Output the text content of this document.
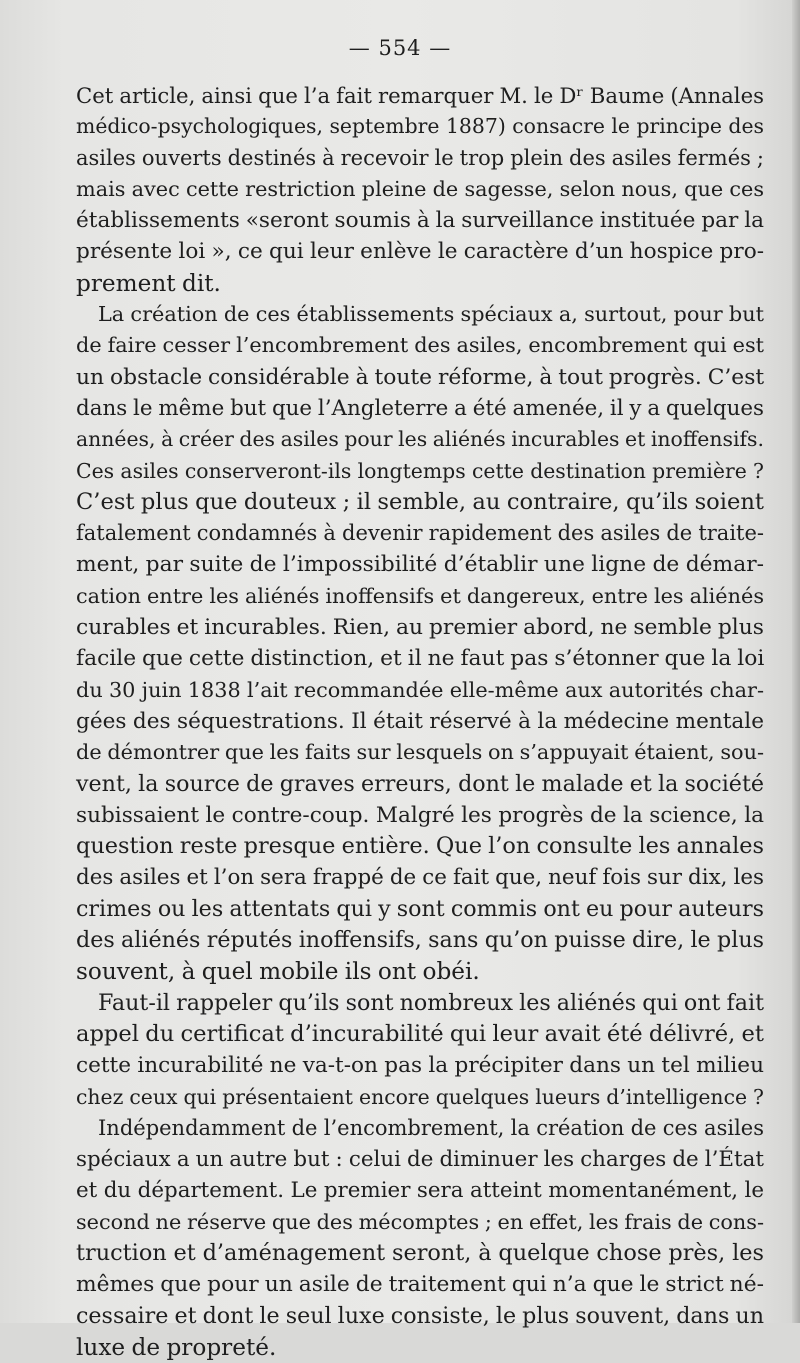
— 554 —
Cet article, ainsi que l’a fait remarquer M. le Dʳ Baume (Annales
médico-psychologiques, septembre 1887) consacre le principe des
asiles ouverts destinés à recevoir le trop plein des asiles fermés ;
mais avec cette restriction pleine de sagesse, selon nous, que ces
établissements «seront soumis à la surveillance instituée par la
présente loi », ce qui leur enlève le caractère d’un hospice pro-
prement dit.
La création de ces établissements spéciaux a, surtout, pour but
de faire cesser l’encombrement des asiles, encombrement qui est
un obstacle considérable à toute réforme, à tout progrès. C’est
dans le même but que l’Angleterre a été amenée, il y a quelques
années, à créer des asiles pour les aliénés incurables et inoffensifs.
Ces asiles conserveront-ils longtemps cette destination première ?
C’est plus que douteux ; il semble, au contraire, qu’ils soient
fatalement condamnés à devenir rapidement des asiles de traite-
ment, par suite de l’impossibilité d’établir une ligne de démar-
cation entre les aliénés inoffensifs et dangereux, entre les aliénés
curables et incurables. Rien, au premier abord, ne semble plus
facile que cette distinction, et il ne faut pas s’étonner que la loi
du 30 juin 1838 l’ait recommandée elle-même aux autorités char-
gées des séquestrations. Il était réservé à la médecine mentale
de démontrer que les faits sur lesquels on s’appuyait étaient, sou-
vent, la source de graves erreurs, dont le malade et la société
subissaient le contre-coup. Malgré les progrès de la science, la
question reste presque entière. Que l’on consulte les annales
des asiles et l’on sera frappé de ce fait que, neuf fois sur dix, les
crimes ou les attentats qui y sont commis ont eu pour auteurs
des aliénés réputés inoffensifs, sans qu’on puisse dire, le plus
souvent, à quel mobile ils ont obéi.
Faut-il rappeler qu’ils sont nombreux les aliénés qui ont fait
appel du certificat d’incurabilité qui leur avait été délivré, et
cette incurabilité ne va-t-on pas la précipiter dans un tel milieu
chez ceux qui présentaient encore quelques lueurs d’intelligence ?
Indépendamment de l’encombrement, la création de ces asiles
spéciaux a un autre but : celui de diminuer les charges de l’État
et du département. Le premier sera atteint momentanément, le
second ne réserve que des mécomptes ; en effet, les frais de cons-
truction et d’aménagement seront, à quelque chose près, les
mêmes que pour un asile de traitement qui n’a que le strict né-
cessaire et dont le seul luxe consiste, le plus souvent, dans un
luxe de propreté.
